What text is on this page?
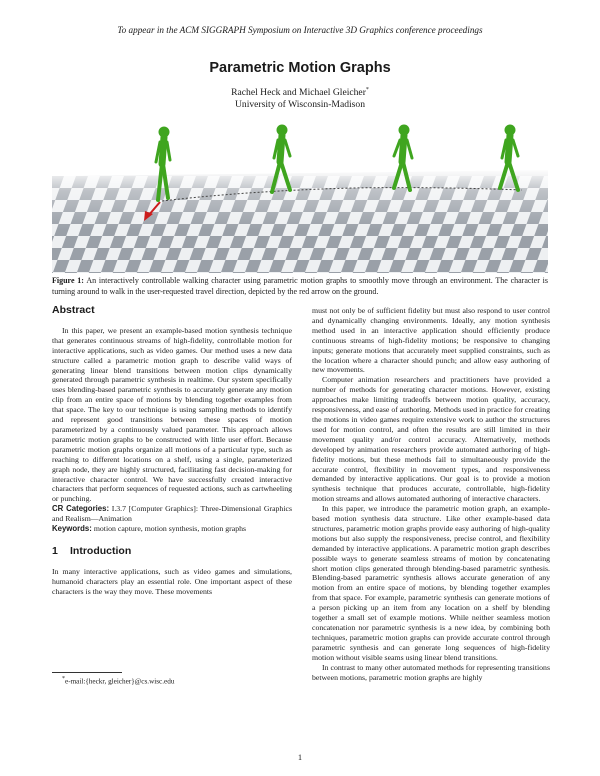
To appear in the ACM SIGGRAPH Symposium on Interactive 3D Graphics conference proceedings
Parametric Motion Graphs
Rachel Heck and Michael Gleicher*
University of Wisconsin-Madison
Figure 1: An interactively controllable walking character using parametric motion graphs to smoothly move through an environment. The character is turning around to walk in the user-requested travel direction, depicted by the red arrow on the ground.
Abstract

In this paper, we present an example-based motion synthesis technique that generates continuous streams of high-fidelity, controllable motion for interactive applications, such as video games. Our method uses a new data structure called a parametric motion graph to describe valid ways of generating linear blend transitions between motion clips dynamically generated through parametric synthesis in realtime. Our system specifically uses blending-based parametric synthesis to accurately generate any motion clip from an entire space of motions by blending together examples from that space. The key to our technique is using sampling methods to identify and represent good transitions between these spaces of motion parameterized by a continuously valued parameter. This approach allows parametric motion graphs to be constructed with little user effort. Because parametric motion graphs organize all motions of a particular type, such as reaching to different locations on a shelf, using a single, parameterized graph node, they are highly structured, facilitating fast decision-making for interactive character control. We have successfully created interactive characters that perform sequences of requested actions, such as cartwheeling or punching.

CR Categories: I.3.7 [Computer Graphics]: Three-Dimensional Graphics and Realism—Animation

Keywords: motion capture, motion synthesis, motion graphs

1 Introduction

In many interactive applications, such as video games and simulations, humanoid characters play an essential role. One important aspect of these characters is the way they move. These movements

*e-mail:{heckr, gleicher}@cs.wisc.edu

must not only be of sufficient fidelity but must also respond to user control and dynamically changing environments. Ideally, any motion synthesis method used in an interactive application should efficiently produce continuous streams of high-fidelity motions; be responsive to changing inputs; generate motions that accurately meet supplied constraints, such as the location where a character should punch; and allow easy authoring of new movements.

Computer animation researchers and practitioners have provided a number of methods for generating character motions. However, existing approaches make limiting tradeoffs between motion quality, accuracy, responsiveness, and ease of authoring. Methods used in practice for creating the motions in video games require extensive work to author the structures used for motion control, and often the results are still limited in their movement quality and/or control accuracy. Alternatively, methods developed by animation researchers provide automated authoring of high-fidelity motions, but these methods fail to simultaneously provide the accurate control, flexibility in movement types, and responsiveness demanded by interactive applications. Our goal is to provide a motion synthesis technique that produces accurate, controllable, high-fidelity motion streams and allows automated authoring of interactive characters.

In this paper, we introduce the parametric motion graph, an example-based motion synthesis data structure. Like other example-based data structures, parametric motion graphs provide easy authoring of high-quality motions but also supply the responsiveness, precise control, and flexibility demanded by interactive applications. A parametric motion graph describes possible ways to generate seamless streams of motion by concatenating short motion clips generated through blending-based parametric synthesis. Blending-based parametric synthesis allows accurate generation of any motion from an entire space of motions, by blending together examples from that space. For example, parametric synthesis can generate motions of a person picking up an item from any location on a shelf by blending together a small set of example motions. While neither seamless motion concatenation nor parametric synthesis is a new idea, by combining both techniques, parametric motion graphs can provide accurate control through parametric synthesis and can generate long sequences of high-fidelity motion without visible seams using linear blend transitions.

In contrast to many other automated methods for representing transitions between motions, parametric motion graphs are highly

1
